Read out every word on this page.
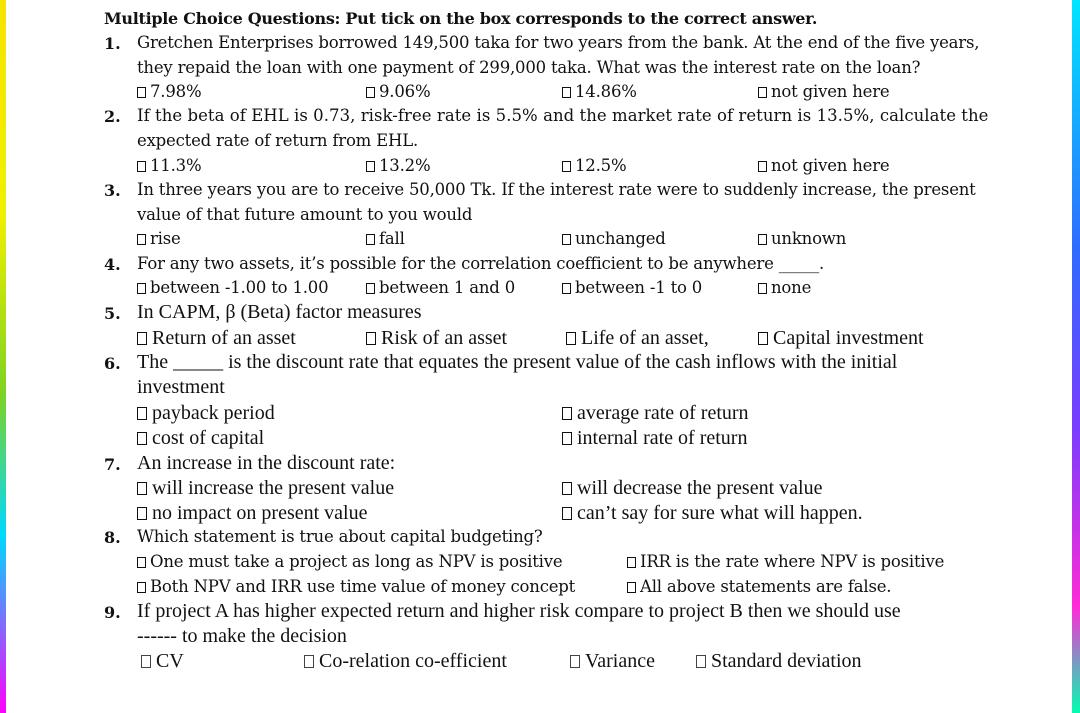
Multiple Choice Questions: Put tick on the box corresponds to the correct answer.
1. Gretchen Enterprises borrowed 149,500 taka for two years from the bank. At the end of the five years,
they repaid the loan with one payment of 299,000 taka. What was the interest rate on the loan?
7.98%	9.06%	14.86%	not given here
2. If the beta of EHL is 0.73, risk-free rate is 5.5% and the market rate of return is 13.5%, calculate the
expected rate of return from EHL.
11.3%	13.2%	12.5%	not given here
3. In three years you are to receive 50,000 Tk. If the interest rate were to suddenly increase, the present
value of that future amount to you would
rise	fall	unchanged	unknown
4. For any two assets, it’s possible for the correlation coefficient to be anywhere _____.
between -1.00 to 1.00	between 1 and 0	between -1 to 0	none
5. In CAPM, β (Beta) factor measures
Return of an asset	Risk of an asset	Life of an asset,	Capital investment
6. The _____ is the discount rate that equates the present value of the cash inflows with the initial
investment
payback period	average rate of return
cost of capital	internal rate of return
7. An increase in the discount rate:
will increase the present value	will decrease the present value
no impact on present value	can’t say for sure what will happen.
8. Which statement is true about capital budgeting?
One must take a project as long as NPV is positive	IRR is the rate where NPV is positive
Both NPV and IRR use time value of money concept	All above statements are false.
9. If project A has higher expected return and higher risk compare to project B then we should use
------ to make the decision
CV	Co-relation co-efficient	Variance	Standard deviation
